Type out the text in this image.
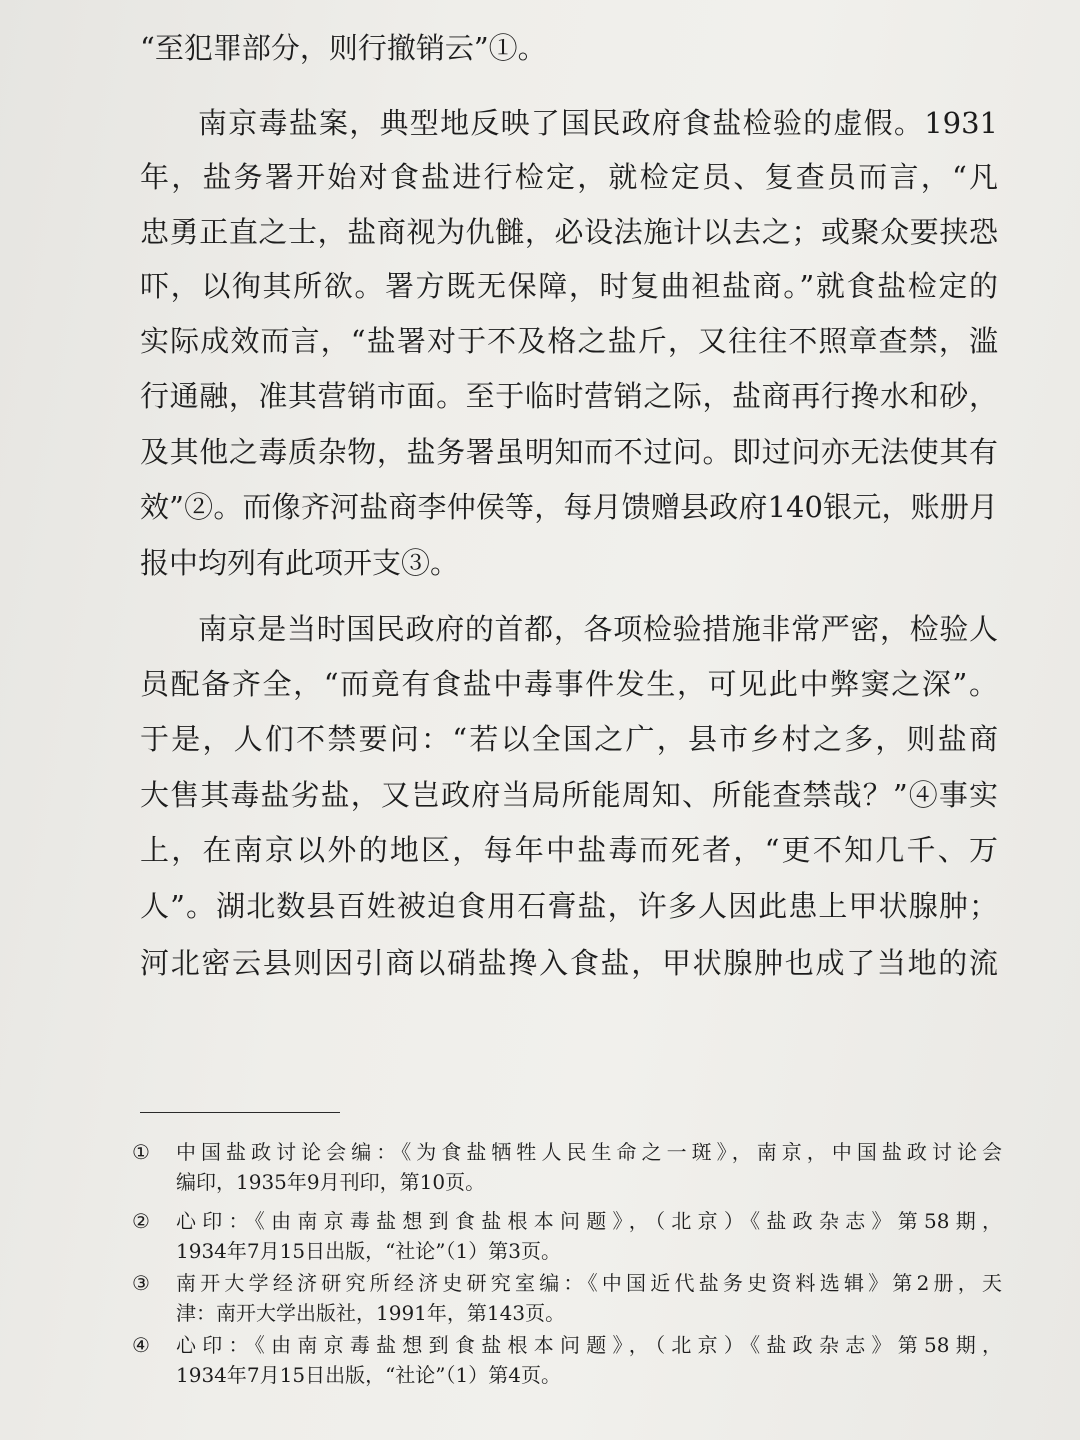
“至犯罪部分，则行撤销云”①。
南京毒盐案，典型地反映了国民政府食盐检验的虚假。1931
年，盐务署开始对食盐进行检定，就检定员、复查员而言，“凡
忠勇正直之士，盐商视为仇雠，必设法施计以去之；或聚众要挟恐
吓，以徇其所欲。署方既无保障，时复曲袒盐商。”就食盐检定的
实际成效而言，“盐署对于不及格之盐斤，又往往不照章查禁，滥
行通融，准其营销市面。至于临时营销之际，盐商再行搀水和砂，
及其他之毒质杂物，盐务署虽明知而不过问。即过问亦无法使其有
效”②。而像齐河盐商李仲侯等，每月馈赠县政府140银元，账册月
报中均列有此项开支③。
南京是当时国民政府的首都，各项检验措施非常严密，检验人
员配备齐全，“而竟有食盐中毒事件发生，可见此中弊窦之深”。
于是，人们不禁要问：“若以全国之广，县市乡村之多，则盐商
大售其毒盐劣盐，又岂政府当局所能周知、所能查禁哉？”④事实
上，在南京以外的地区，每年中盐毒而死者，“更不知几千、万
人”。湖北数县百姓被迫食用石膏盐，许多人因此患上甲状腺肿；
河北密云县则因引商以硝盐搀入食盐，甲状腺肿也成了当地的流
①	中国盐政讨论会编：《为食盐牺牲人民生命之一斑》，南京，中国盐政讨论会
编印，1935年9月刊印，第10页。
②	心印：《由南京毒盐想到食盐根本问题》，（北京）《盐政杂志》第58期，
1934年7月15日出版，“社论”（1）第3页。
③	南开大学经济研究所经济史研究室编：《中国近代盐务史资料选辑》第2册，天
津：南开大学出版社，1991年，第143页。
④	心印：《由南京毒盐想到食盐根本问题》，（北京）《盐政杂志》第58期，
1934年7月15日出版，“社论”（1）第4页。
